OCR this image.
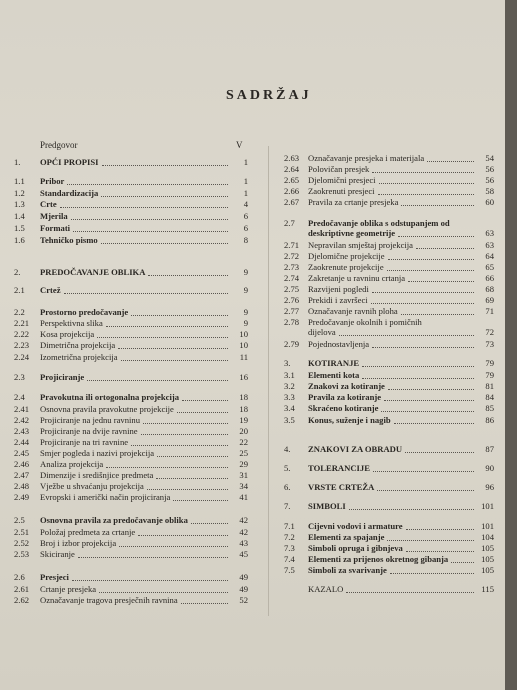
SADRŽAJ
Predgovor	V
1. OPĆI PROPISI	1
1.1 Pribor	1
1.2 Standardizacija	1
1.3 Crte	4
1.4 Mjerila	6
1.5 Formati	6
1.6 Tehničko pismo	8
2. PREDOČAVANJE OBLIKA	9
2.1 Crtež	9
2.2 Prostorno predočavanje	9
2.21 Perspektivna slika	9
2.22 Kosa projekcija	10
2.23 Dimetrična projekcija	10
2.24 Izometrična projekcija	11
2.3 Projiciranje	16
2.4 Pravokutna ili ortogonalna projekcija	18
2.41 Osnovna pravila pravokutne projekcije	18
2.42 Projiciranje na jednu ravninu	19
2.43 Projiciranje na dvije ravnine	20
2.44 Projiciranje na tri ravnine	22
2.45 Smjer pogleda i nazivi projekcija	25
2.46 Analiza projekcija	29
2.47 Dimenzije i središnjice predmeta	31
2.48 Vježbe u shvaćanju projekcija	34
2.49 Evropski i američki način projiciranja	41
2.5 Osnovna pravila za predočavanje oblika	42
2.51 Položaj predmeta za crtanje	42
2.52 Broj i izbor projekcija	43
2.53 Skiciranje	45
2.6 Presjeci	49
2.61 Crtanje presjeka	49
2.62 Označavanje tragova presječnih ravnina	52
2.63 Označavanje presjeka i materijala	54
2.64 Polovičan presjek	56
2.65 Djelomični presjeci	56
2.66 Zaokrenuti presjeci	58
2.67 Pravila za crtanje presjeka	60
2.7 Predočavanje oblika s odstupanjem od
deskriptivne geometrije	63
2.71 Nepravilan smještaj projekcija	63
2.72 Djelomične projekcije	64
2.73 Zaokrenute projekcije	65
2.74 Zakretanje u ravninu crtanja	66
2.75 Razvijeni pogledi	68
2.76 Prekidi i završeci	69
2.77 Označavanje ravnih ploha	71
2.78 Predočavanje okolnih i pomičnih
dijelova	72
2.79 Pojednostavljenja	73
3. KOTIRANJE	79
3.1 Elementi kota	79
3.2 Znakovi za kotiranje	81
3.3 Pravila za kotiranje	84
3.4 Skraćeno kotiranje	85
3.5 Konus, suženje i nagib	86
4. ZNAKOVI ZA OBRADU	87
5. TOLERANCIJE	90
6. VRSTE CRTEŽA	96
7. SIMBOLI	101
7.1 Cijevni vodovi i armature	101
7.2 Elementi za spajanje	104
7.3 Simboli opruga i gibnjeva	105
7.4 Elementi za prijenos okretnog gibanja	105
7.5 Simboli za svarivanje	105
KAZALO	115
